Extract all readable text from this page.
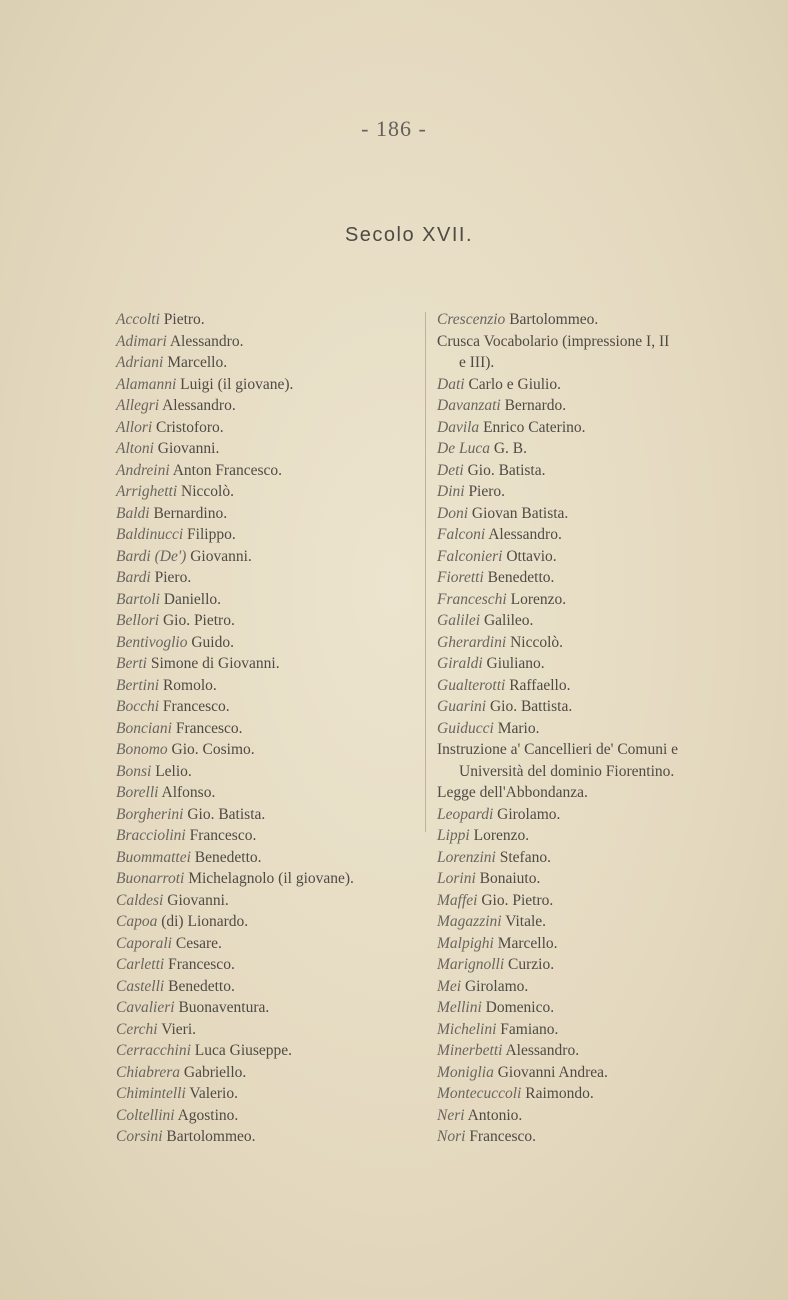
- 186 -
Secolo XVII.
Accolti Pietro.
Adimari Alessandro.
Adriani Marcello.
Alamanni Luigi (il giovane).
Allegri Alessandro.
Allori Cristoforo.
Altoni Giovanni.
Andreini Anton Francesco.
Arrighetti Niccolò.
Baldi Bernardino.
Baldinucci Filippo.
Bardi (De') Giovanni.
Bardi Piero.
Bartoli Daniello.
Bellori Gio. Pietro.
Bentivoglio Guido.
Berti Simone di Giovanni.
Bertini Romolo.
Bocchi Francesco.
Bonciani Francesco.
Bonomo Gio. Cosimo.
Bonsi Lelio.
Borelli Alfonso.
Borgherini Gio. Batista.
Bracciolini Francesco.
Buommattei Benedetto.
Buonarroti Michelagnolo (il giovane).
Caldesi Giovanni.
Capoa (di) Lionardo.
Caporali Cesare.
Carletti Francesco.
Castelli Benedetto.
Cavalieri Buonaventura.
Cerchi Vieri.
Cerracchini Luca Giuseppe.
Chiabrera Gabriello.
Chimintelli Valerio.
Coltellini Agostino.
Corsini Bartolommeo.
Crescenzio Bartolommeo.
Crusca Vocabolario (impressione I, II
e III).
Dati Carlo e Giulio.
Davanzati Bernardo.
Davila Enrico Caterino.
De Luca G. B.
Deti Gio. Batista.
Dini Piero.
Doni Giovan Batista.
Falconi Alessandro.
Falconieri Ottavio.
Fioretti Benedetto.
Franceschi Lorenzo.
Galilei Galileo.
Gherardini Niccolò.
Giraldi Giuliano.
Gualterotti Raffaello.
Guarini Gio. Battista.
Guiducci Mario.
Instruzione a' Cancellieri de' Comuni e
Università del dominio Fiorentino.
Legge dell'Abbondanza.
Leopardi Girolamo.
Lippi Lorenzo.
Lorenzini Stefano.
Lorini Bonaiuto.
Maffei Gio. Pietro.
Magazzini Vitale.
Malpighi Marcello.
Marignolli Curzio.
Mei Girolamo.
Mellini Domenico.
Michelini Famiano.
Minerbetti Alessandro.
Moniglia Giovanni Andrea.
Montecuccoli Raimondo.
Neri Antonio.
Nori Francesco.
